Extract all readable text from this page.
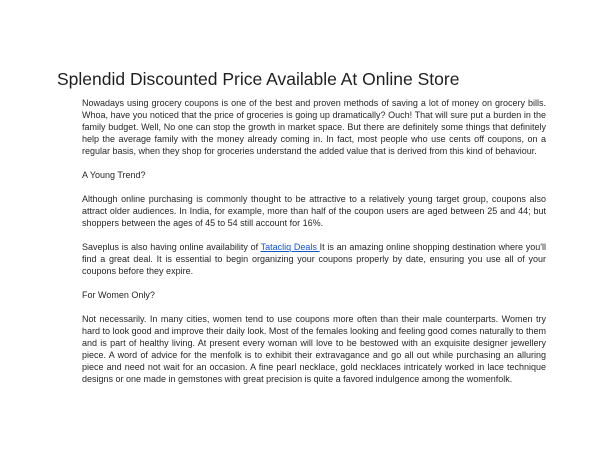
Splendid Discounted Price Available At Online Store

Nowadays using grocery coupons is one of the best and proven methods of saving a lot of money on grocery bills. Whoa, have you noticed that the price of groceries is going up dramatically? Ouch! That will sure put a burden in the family budget. Well, No one can stop the growth in market space. But there are definitely some things that definitely help the average family with the money already coming in. In fact, most people who use cents off coupons, on a regular basis, when they shop for groceries understand the added value that is derived from this kind of behaviour.

A Young Trend?

Although online purchasing is commonly thought to be attractive to a relatively young target group, coupons also attract older audiences. In India, for example, more than half of the coupon users are aged between 25 and 44; but shoppers between the ages of 45 to 54 still account for 16%.

Saveplus is also having online availability of Tatacliq Deals It is an amazing online shopping destination where you'll find a great deal. It is essential to begin organizing your coupons properly by date, ensuring you use all of your coupons before they expire.

For Women Only?

Not necessarily. In many cities, women tend to use coupons more often than their male counterparts. Women try hard to look good and improve their daily look. Most of the females looking and feeling good comes naturally to them and is part of healthy living. At present every woman will love to be bestowed with an exquisite designer jewellery piece. A word of advice for the menfolk is to exhibit their extravagance and go all out while purchasing an alluring piece and need not wait for an occasion. A fine pearl necklace, gold necklaces intricately worked in lace technique designs or one made in gemstones with great precision is quite a favored indulgence among the womenfolk.
